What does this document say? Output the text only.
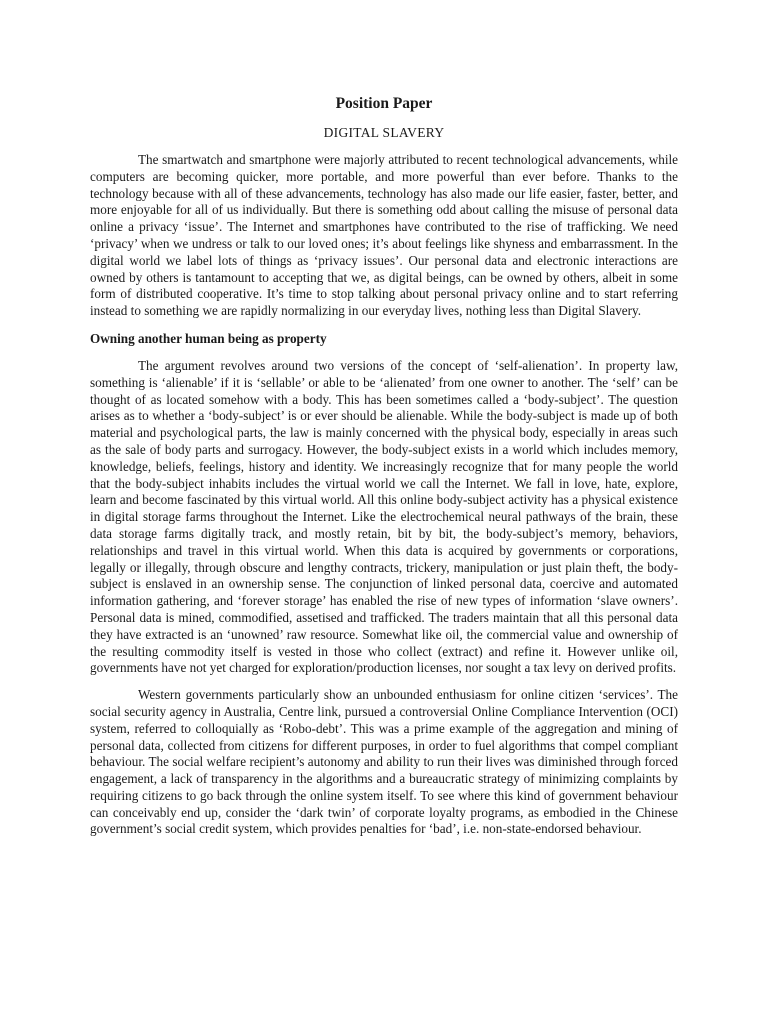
Position Paper
DIGITAL SLAVERY

The smartwatch and smartphone were majorly attributed to recent technological advancements, while computers are becoming quicker, more portable, and more powerful than ever before. Thanks to the technology because with all of these advancements, technology has also made our life easier, faster, better, and more enjoyable for all of us individually. But there is something odd about calling the misuse of personal data online a privacy ‘issue’. The Internet and smartphones have contributed to the rise of trafficking. We need ‘privacy’ when we undress or talk to our loved ones; it’s about feelings like shyness and embarrassment. In the digital world we label lots of things as ‘privacy issues’. Our personal data and electronic interactions are owned by others is tantamount to accepting that we, as digital beings, can be owned by others, albeit in some form of distributed cooperative. It’s time to stop talking about personal privacy online and to start referring instead to something we are rapidly normalizing in our everyday lives, nothing less than Digital Slavery.

Owning another human being as property

The argument revolves around two versions of the concept of ‘self-alienation’. In property law, something is ‘alienable’ if it is ‘sellable’ or able to be ‘alienated’ from one owner to another. The ‘self’ can be thought of as located somehow with a body. This has been sometimes called a ‘body-subject’. The question arises as to whether a ‘body-subject’ is or ever should be alienable. While the body-subject is made up of both material and psychological parts, the law is mainly concerned with the physical body, especially in areas such as the sale of body parts and surrogacy. However, the body-subject exists in a world which includes memory, knowledge, beliefs, feelings, history and identity. We increasingly recognize that for many people the world that the body-subject inhabits includes the virtual world we call the Internet. We fall in love, hate, explore, learn and become fascinated by this virtual world. All this online body-subject activity has a physical existence in digital storage farms throughout the Internet. Like the electrochemical neural pathways of the brain, these data storage farms digitally track, and mostly retain, bit by bit, the body-subject’s memory, behaviors, relationships and travel in this virtual world. When this data is acquired by governments or corporations, legally or illegally, through obscure and lengthy contracts, trickery, manipulation or just plain theft, the body-subject is enslaved in an ownership sense. The conjunction of linked personal data, coercive and automated information gathering, and ‘forever storage’ has enabled the rise of new types of information ‘slave owners’. Personal data is mined, commodified, assetised and trafficked. The traders maintain that all this personal data they have extracted is an ‘unowned’ raw resource. Somewhat like oil, the commercial value and ownership of the resulting commodity itself is vested in those who collect (extract) and refine it. However unlike oil, governments have not yet charged for exploration/production licenses, nor sought a tax levy on derived profits.

Western governments particularly show an unbounded enthusiasm for online citizen ‘services’. The social security agency in Australia, Centre link, pursued a controversial Online Compliance Intervention (OCI) system, referred to colloquially as ‘Robo-debt’. This was a prime example of the aggregation and mining of personal data, collected from citizens for different purposes, in order to fuel algorithms that compel compliant behaviour. The social welfare recipient’s autonomy and ability to run their lives was diminished through forced engagement, a lack of transparency in the algorithms and a bureaucratic strategy of minimizing complaints by requiring citizens to go back through the online system itself. To see where this kind of government behaviour can conceivably end up, consider the ‘dark twin’ of corporate loyalty programs, as embodied in the Chinese government’s social credit system, which provides penalties for ‘bad’, i.e. non-state-endorsed behaviour.
